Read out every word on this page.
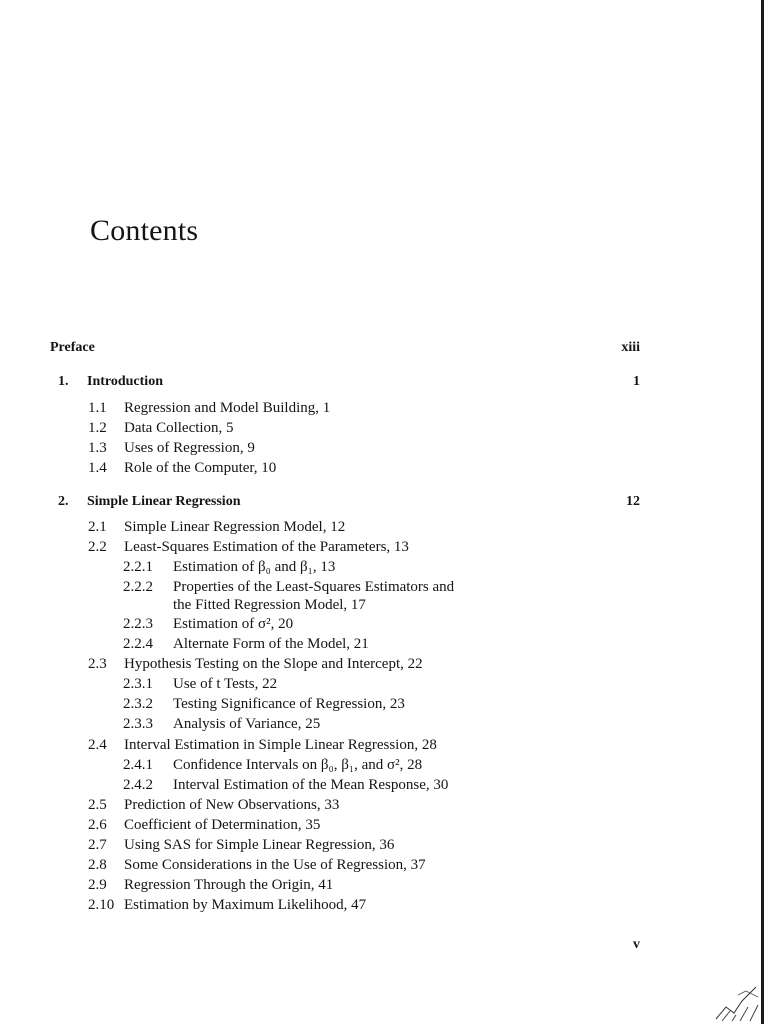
Contents
Preface	xiii
1. Introduction	1
1.1 Regression and Model Building, 1
1.2 Data Collection, 5
1.3 Uses of Regression, 9
1.4 Role of the Computer, 10
2. Simple Linear Regression	12
2.1 Simple Linear Regression Model, 12
2.2 Least-Squares Estimation of the Parameters, 13
2.2.1 Estimation of β₀ and β₁, 13
2.2.2 Properties of the Least-Squares Estimators and
the Fitted Regression Model, 17
2.2.3 Estimation of σ², 20
2.2.4 Alternate Form of the Model, 21
2.3 Hypothesis Testing on the Slope and Intercept, 22
2.3.1 Use of t Tests, 22
2.3.2 Testing Significance of Regression, 23
2.3.3 Analysis of Variance, 25
2.4 Interval Estimation in Simple Linear Regression, 28
2.4.1 Confidence Intervals on β₀, β₁, and σ², 28
2.4.2 Interval Estimation of the Mean Response, 30
2.5 Prediction of New Observations, 33
2.6 Coefficient of Determination, 35
2.7 Using SAS for Simple Linear Regression, 36
2.8 Some Considerations in the Use of Regression, 37
2.9 Regression Through the Origin, 41
2.10 Estimation by Maximum Likelihood, 47
v
